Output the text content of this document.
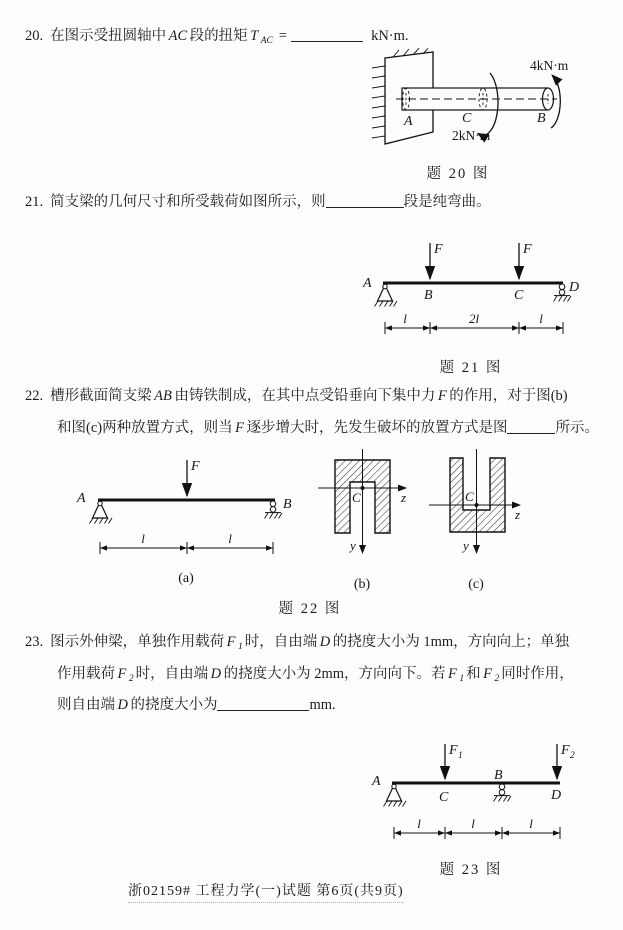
20. 在图示受扭圆轴中 AC 段的扭矩 T $_{AC}$ =	kN·m.
A	C	B
2kN·m
4kN·m
题 20 图
21. 简支梁的几何尺寸和所受载荷如图所示，则	段是纯弯曲。
F	F
A
B	C
D
l	2l	l
题 21 图
22. 槽形截面简支梁 AB 由铸铁制成，在其中点受铅垂向下集中力 F 的作用，对于图(b)
和图(c)两种放置方式，则当 F 逐步增大时，先发生破坏的放置方式是图	所示。
F
A	B
l	l
(a)
C	z
y
(b)
C
z
y
(c)
题 22 图
23. 图示外伸梁，单独作用载荷 F $_1$ 时，自由端 D 的挠度大小为 1mm，方向向上；单独
作用载荷 F $_2$ 时，自由端 D 的挠度大小为 2mm，方向向下。若 F $_1$ 和 F $_2$ 同时作用，
则自由端 D 的挠度大小为	mm.
F 1	F 2
A
C
B
D
l	l	l
题 23 图
浙02159# 工程力学(一)试题 第6页(共9页)
